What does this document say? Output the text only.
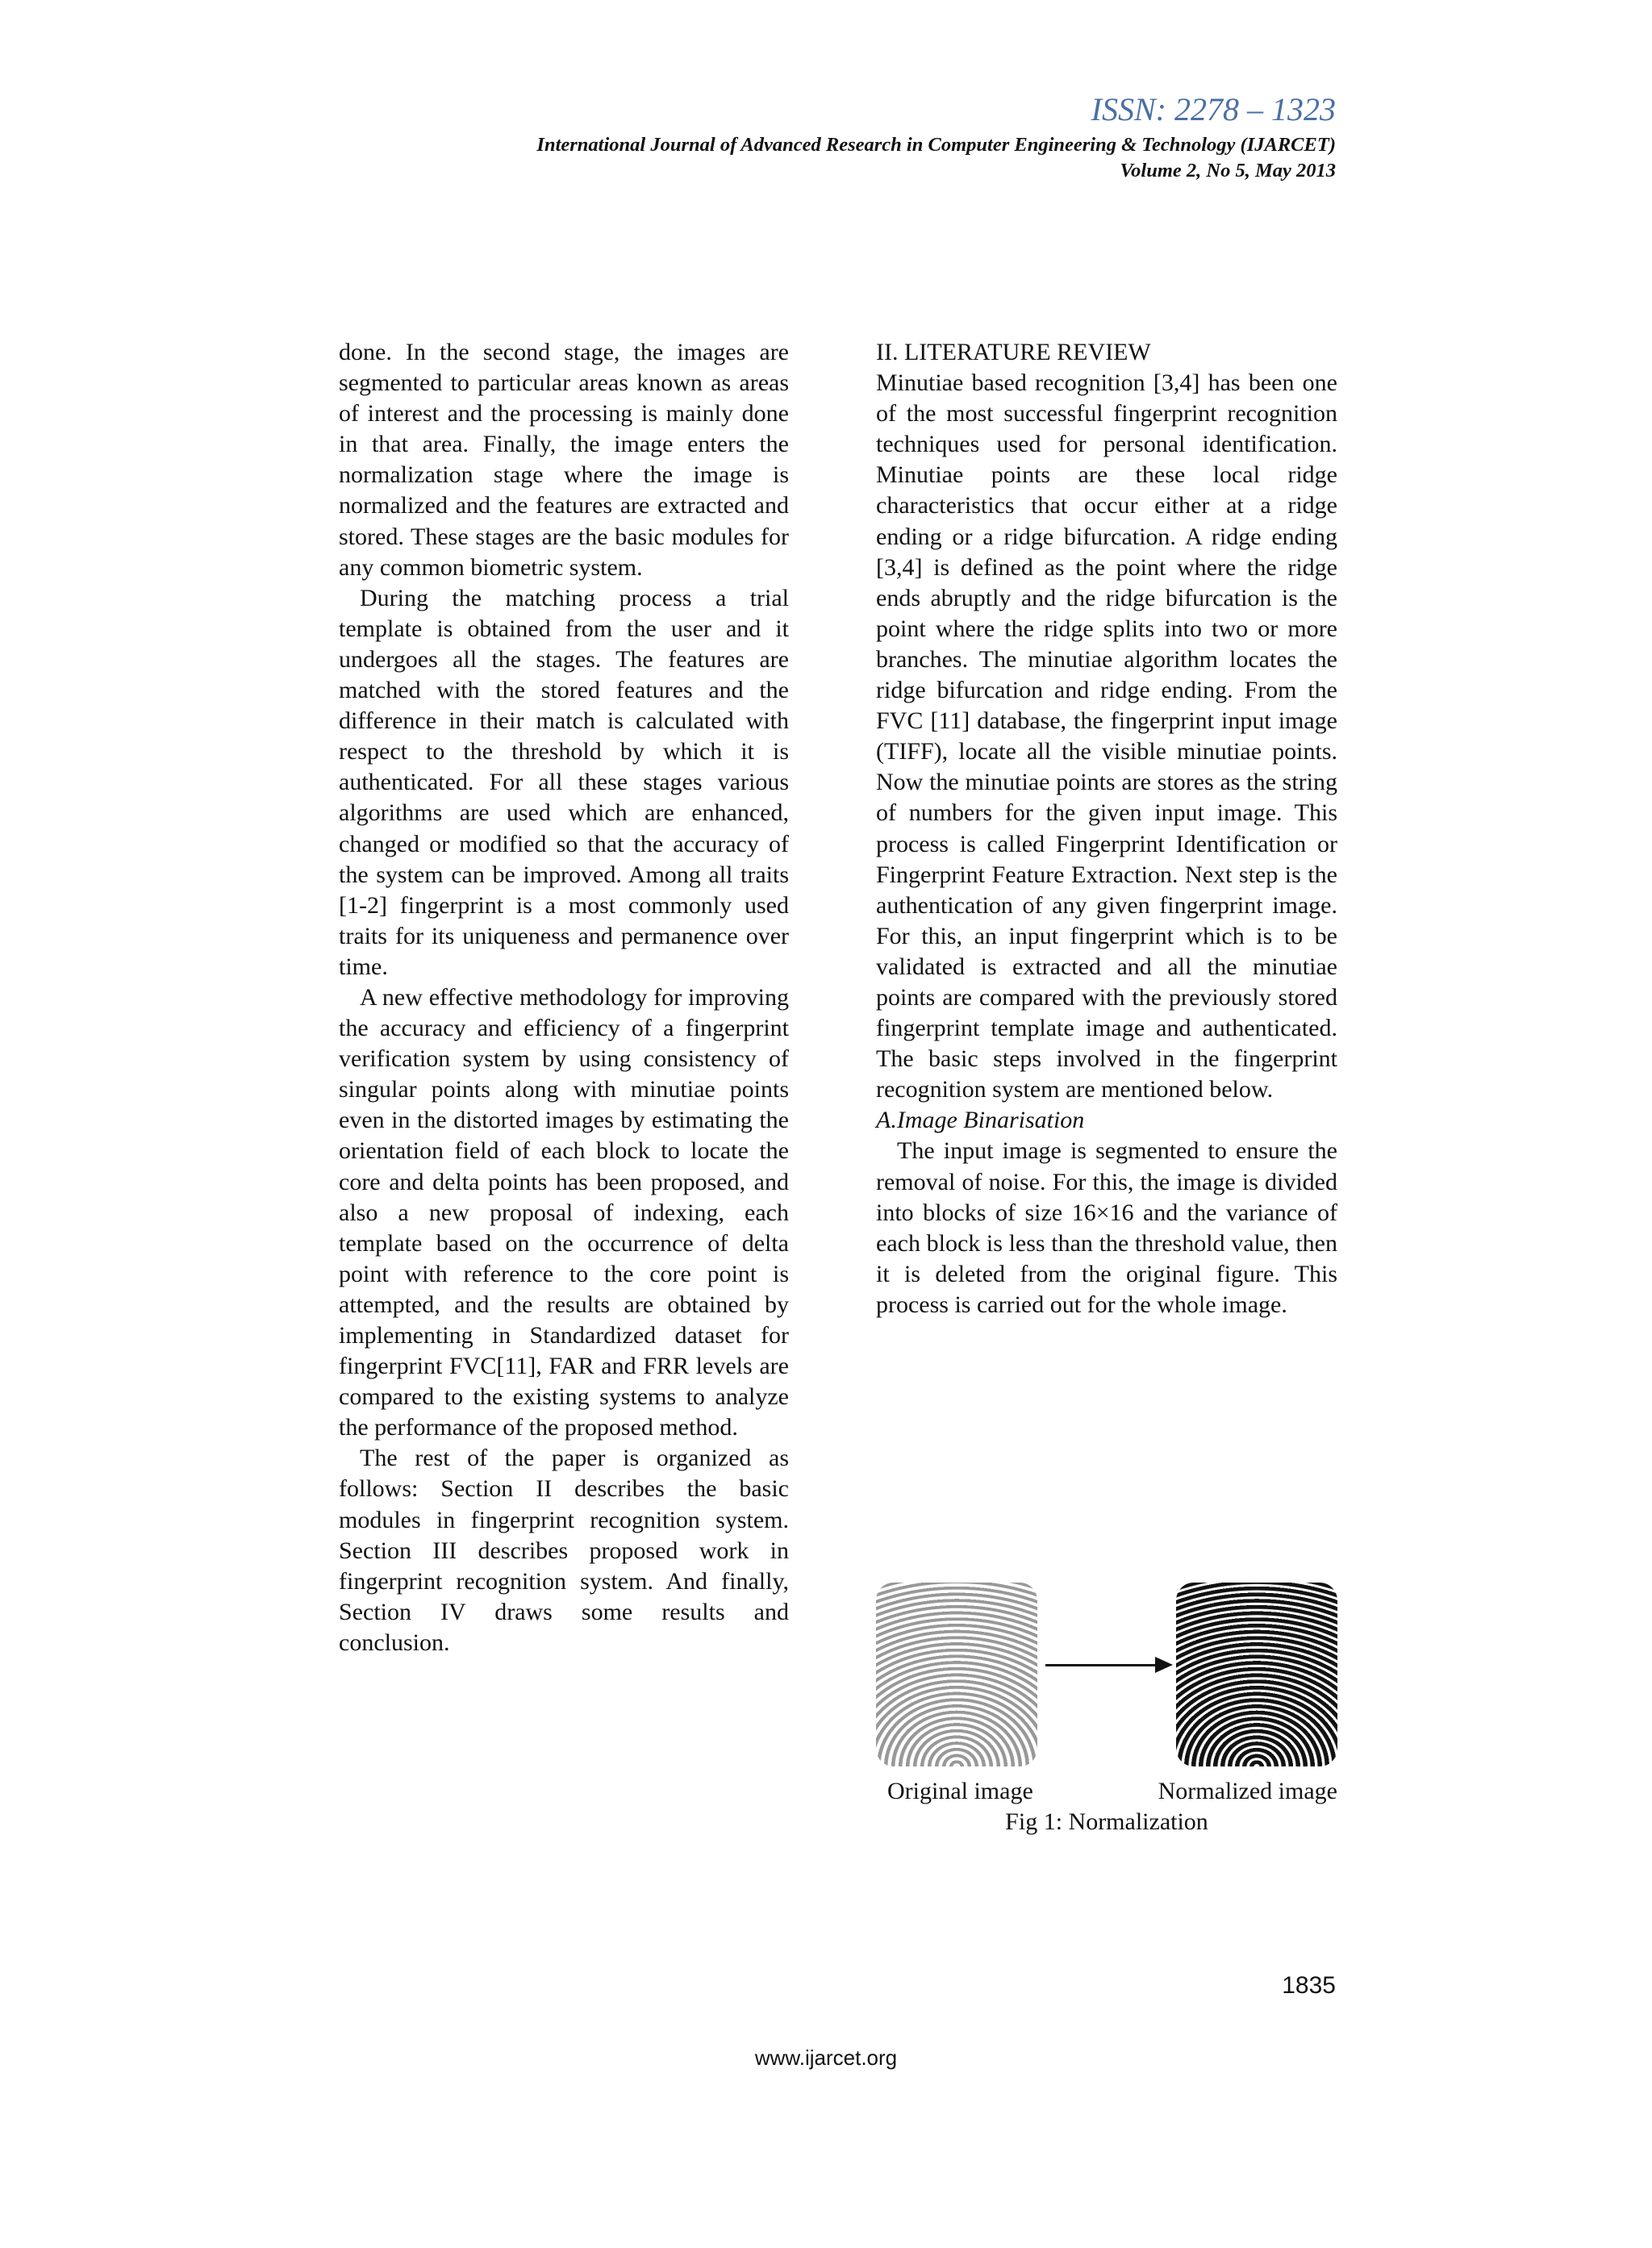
ISSN: 2278 – 1323
International Journal of Advanced Research in Computer Engineering & Technology (IJARCET)
Volume 2, No 5, May 2013

done. In the second stage, the images are segmented to particular areas known as areas of interest and the processing is mainly done in that area. Finally, the image enters the normalization stage where the image is normalized and the features are extracted and stored. These stages are the basic modules for any common biometric system.

During the matching process a trial template is obtained from the user and it undergoes all the stages. The features are matched with the stored features and the difference in their match is calculated with respect to the threshold by which it is authenticated. For all these stages various algorithms are used which are enhanced, changed or modified so that the accuracy of the system can be improved. Among all traits [1-2] fingerprint is a most commonly used traits for its uniqueness and permanence over time.

A new effective methodology for improving the accuracy and efficiency of a fingerprint verification system by using consistency of singular points along with minutiae points even in the distorted images by estimating the orientation field of each block to locate the core and delta points has been proposed, and also a new proposal of indexing, each template based on the occurrence of delta point with reference to the core point is attempted, and the results are obtained by implementing in Standardized dataset for fingerprint FVC[11], FAR and FRR levels are compared to the existing systems to analyze the performance of the proposed method.

The rest of the paper is organized as follows: Section II describes the basic modules in fingerprint recognition system. Section III describes proposed work in fingerprint recognition system. And finally, Section IV draws some results and conclusion.

II. LITERATURE REVIEW

Minutiae based recognition [3,4] has been one of the most successful fingerprint recognition techniques used for personal identification. Minutiae points are these local ridge characteristics that occur either at a ridge ending or a ridge bifurcation. A ridge ending [3,4] is defined as the point where the ridge ends abruptly and the ridge bifurcation is the point where the ridge splits into two or more branches. The minutiae algorithm locates the ridge bifurcation and ridge ending. From the FVC [11] database, the fingerprint input image (TIFF), locate all the visible minutiae points. Now the minutiae points are stores as the string of numbers for the given input image. This process is called Fingerprint Identification or Fingerprint Feature Extraction. Next step is the authentication of any given fingerprint image. For this, an input fingerprint which is to be validated is extracted and all the minutiae points are compared with the previously stored fingerprint template image and authenticated. The basic steps involved in the fingerprint recognition system are mentioned below.

A.Image Binarisation

The input image is segmented to ensure the removal of noise. For this, the image is divided into blocks of size 16×16 and the variance of each block is less than the threshold value, then it is deleted from the original figure. This process is carried out for the whole image.

Original image	Normalized image
Fig 1: Normalization
1835
www.ijarcet.org
